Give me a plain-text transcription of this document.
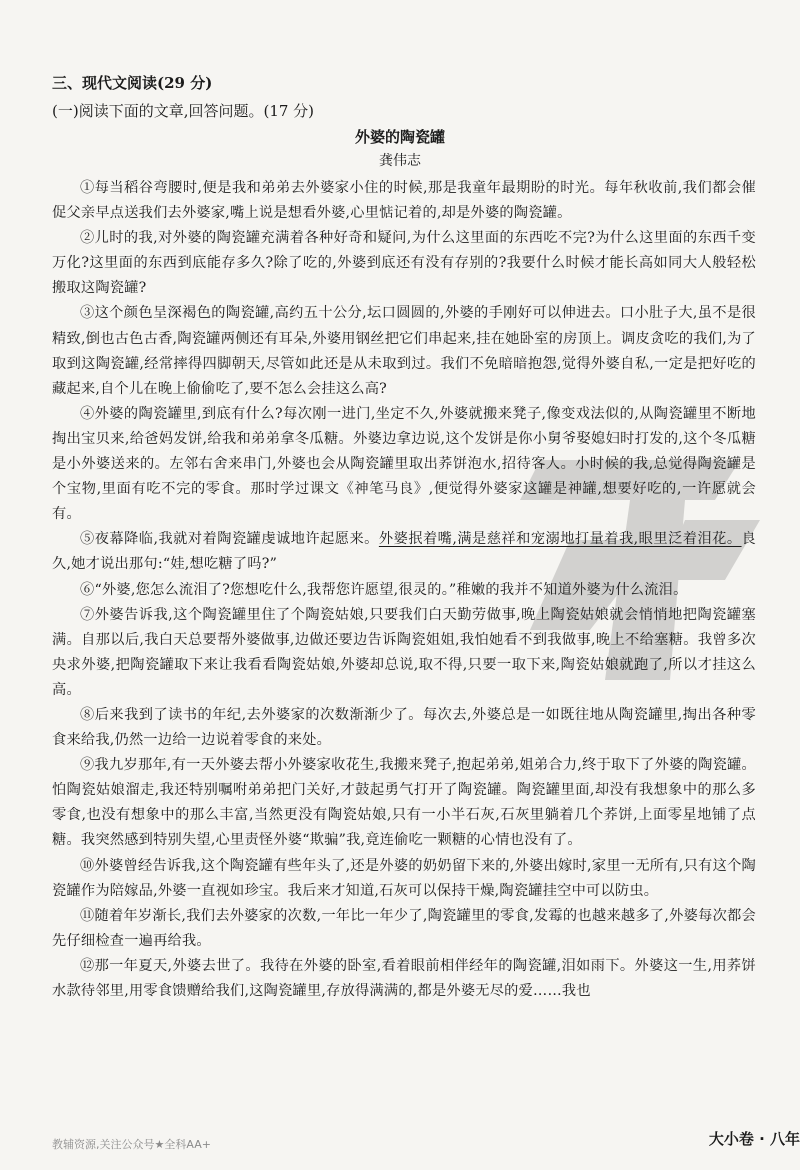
三、现代文阅读(29 分)
(一)阅读下面的文章,回答问题。(17 分)
外婆的陶瓷罐
龚伟志

①每当稻谷弯腰时,便是我和弟弟去外婆家小住的时候,那是我童年最期盼的时光。每年秋收前,我们都会催促父亲早点送我们去外婆家,嘴上说是想看外婆,心里惦记着的,却是外婆的陶瓷罐。

②儿时的我,对外婆的陶瓷罐充满着各种好奇和疑问,为什么这里面的东西吃不完?为什么这里面的东西千变万化?这里面的东西到底能存多久?除了吃的,外婆到底还有没有存别的?我要什么时候才能长高如同大人般轻松搬取这陶瓷罐?

③这个颜色呈深褐色的陶瓷罐,高约五十公分,坛口圆圆的,外婆的手刚好可以伸进去。口小肚子大,虽不是很精致,倒也古色古香,陶瓷罐两侧还有耳朵,外婆用钢丝把它们串起来,挂在她卧室的房顶上。调皮贪吃的我们,为了取到这陶瓷罐,经常摔得四脚朝天,尽管如此还是从未取到过。我们不免暗暗抱怨,觉得外婆自私,一定是把好吃的藏起来,自个儿在晚上偷偷吃了,要不怎么会挂这么高?

④外婆的陶瓷罐里,到底有什么?每次刚一进门,坐定不久,外婆就搬来凳子,像变戏法似的,从陶瓷罐里不断地掏出宝贝来,给爸妈发饼,给我和弟弟拿冬瓜糖。外婆边拿边说,这个发饼是你小舅爷娶媳妇时打发的,这个冬瓜糖是小外婆送来的。左邻右舍来串门,外婆也会从陶瓷罐里取出荞饼泡水,招待客人。小时候的我,总觉得陶瓷罐是个宝物,里面有吃不完的零食。那时学过课文《神笔马良》,便觉得外婆家这罐是神罐,想要好吃的,一许愿就会有。

⑤夜幕降临,我就对着陶瓷罐虔诚地许起愿来。外婆抿着嘴,满是慈祥和宠溺地打量着我,眼里泛着泪花。良久,她才说出那句:“娃,想吃糖了吗?”

⑥“外婆,您怎么流泪了?您想吃什么,我帮您许愿望,很灵的。”稚嫩的我并不知道外婆为什么流泪。

⑦外婆告诉我,这个陶瓷罐里住了个陶瓷姑娘,只要我们白天勤劳做事,晚上陶瓷姑娘就会悄悄地把陶瓷罐塞满。自那以后,我白天总要帮外婆做事,边做还要边告诉陶瓷姐姐,我怕她看不到我做事,晚上不给塞糖。我曾多次央求外婆,把陶瓷罐取下来让我看看陶瓷姑娘,外婆却总说,取不得,只要一取下来,陶瓷姑娘就跑了,所以才挂这么高。

⑧后来我到了读书的年纪,去外婆家的次数渐渐少了。每次去,外婆总是一如既往地从陶瓷罐里,掏出各种零食来给我,仍然一边给一边说着零食的来处。

⑨我九岁那年,有一天外婆去帮小外婆家收花生,我搬来凳子,抱起弟弟,姐弟合力,终于取下了外婆的陶瓷罐。怕陶瓷姑娘溜走,我还特别嘱咐弟弟把门关好,才鼓起勇气打开了陶瓷罐。陶瓷罐里面,却没有我想象中的那么多零食,也没有想象中的那么丰富,当然更没有陶瓷姑娘,只有一小半石灰,石灰里躺着几个荞饼,上面零星地铺了点糖。我突然感到特别失望,心里责怪外婆“欺骗”我,竟连偷吃一颗糖的心情也没有了。

⑩外婆曾经告诉我,这个陶瓷罐有些年头了,还是外婆的奶奶留下来的,外婆出嫁时,家里一无所有,只有这个陶瓷罐作为陪嫁品,外婆一直视如珍宝。我后来才知道,石灰可以保持干燥,陶瓷罐挂空中可以防虫。

⑪随着年岁渐长,我们去外婆家的次数,一年比一年少了,陶瓷罐里的零食,发霉的也越来越多了,外婆每次都会先仔细检查一遍再给我。

⑫那一年夏天,外婆去世了。我待在外婆的卧室,看着眼前相伴经年的陶瓷罐,泪如雨下。外婆这一生,用荞饼水款待邻里,用零食馈赠给我们,这陶瓷罐里,存放得满满的,都是外婆无尽的爱……我也

教辅资源,关注公众号★全科AA+	大小卷 · 八年
